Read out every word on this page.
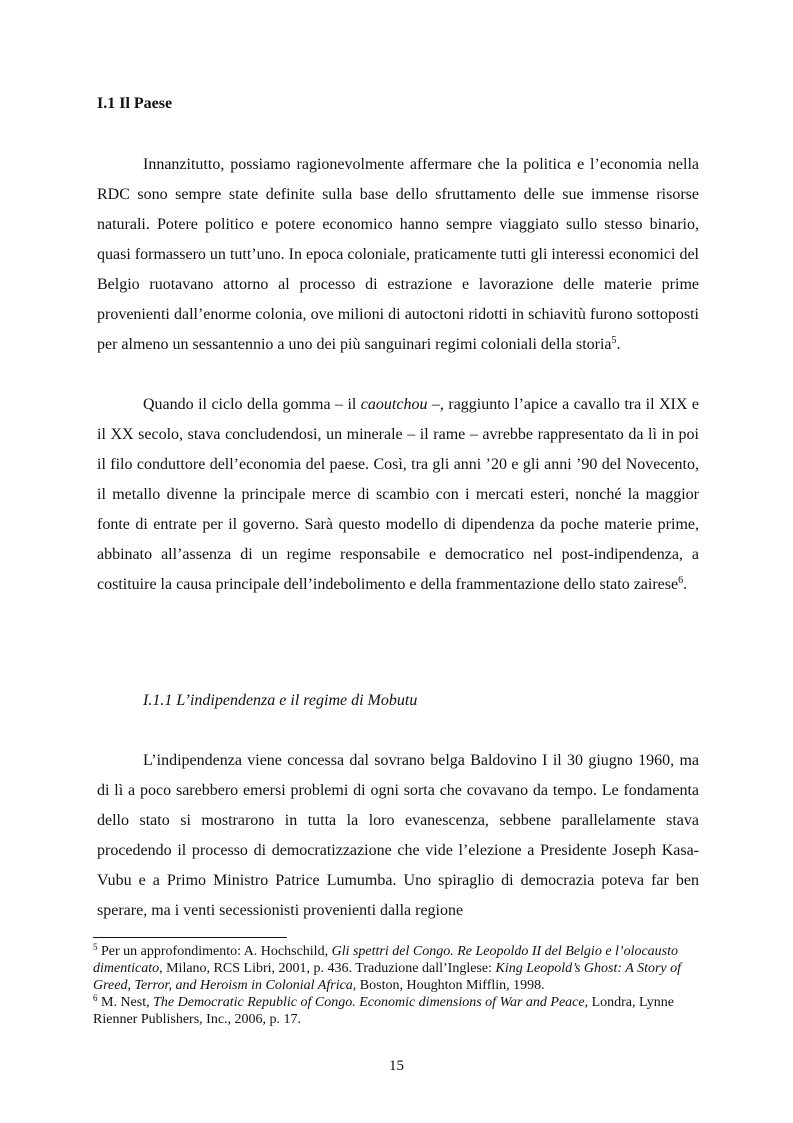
I.1 Il Paese

Innanzitutto, possiamo ragionevolmente affermare che la politica e l’economia nella RDC sono sempre state definite sulla base dello sfruttamento delle sue immense risorse naturali. Potere politico e potere economico hanno sempre viaggiato sullo stesso binario, quasi formassero un tutt’uno. In epoca coloniale, praticamente tutti gli interessi economici del Belgio ruotavano attorno al processo di estrazione e lavorazione delle materie prime provenienti dall’enorme colonia, ove milioni di autoctoni ridotti in schiavitù furono sottoposti per almeno un sessantennio a uno dei più sanguinari regimi coloniali della storia$^5$.

Quando il ciclo della gomma – il caoutchou –, raggiunto l’apice a cavallo tra il XIX e il XX secolo, stava concludendosi, un minerale – il rame – avrebbe rappresentato da lì in poi il filo conduttore dell’economia del paese. Così, tra gli anni ’20 e gli anni ’90 del Novecento, il metallo divenne la principale merce di scambio con i mercati esteri, nonché la maggior fonte di entrate per il governo. Sarà questo modello di dipendenza da poche materie prime, abbinato all’assenza di un regime responsabile e democratico nel post-indipendenza, a costituire la causa principale dell’indebolimento e della frammentazione dello stato zairese$^6$.

I.1.1 L’indipendenza e il regime di Mobutu

L’indipendenza viene concessa dal sovrano belga Baldovino I il 30 giugno 1960, ma di lì a poco sarebbero emersi problemi di ogni sorta che covavano da tempo. Le fondamenta dello stato si mostrarono in tutta la loro evanescenza, sebbene parallelamente stava procedendo il processo di democratizzazione che vide l’elezione a Presidente Joseph Kasa-Vubu e a Primo Ministro Patrice Lumumba. Uno spiraglio di democrazia poteva far ben sperare, ma i venti secessionisti provenienti dalla regione

$^5$ Per un approfondimento: A. Hochschild, Gli spettri del Congo. Re Leopoldo II del Belgio e l’olocausto dimenticato, Milano, RCS Libri, 2001, p. 436. Traduzione dall’Inglese: King Leopold’s Ghost: A Story of Greed, Terror, and Heroism in Colonial Africa, Boston, Houghton Mifflin, 1998.

$^6$ M. Nest, The Democratic Republic of Congo. Economic dimensions of War and Peace, Londra, Lynne Rienner Publishers, Inc., 2006, p. 17.

15
